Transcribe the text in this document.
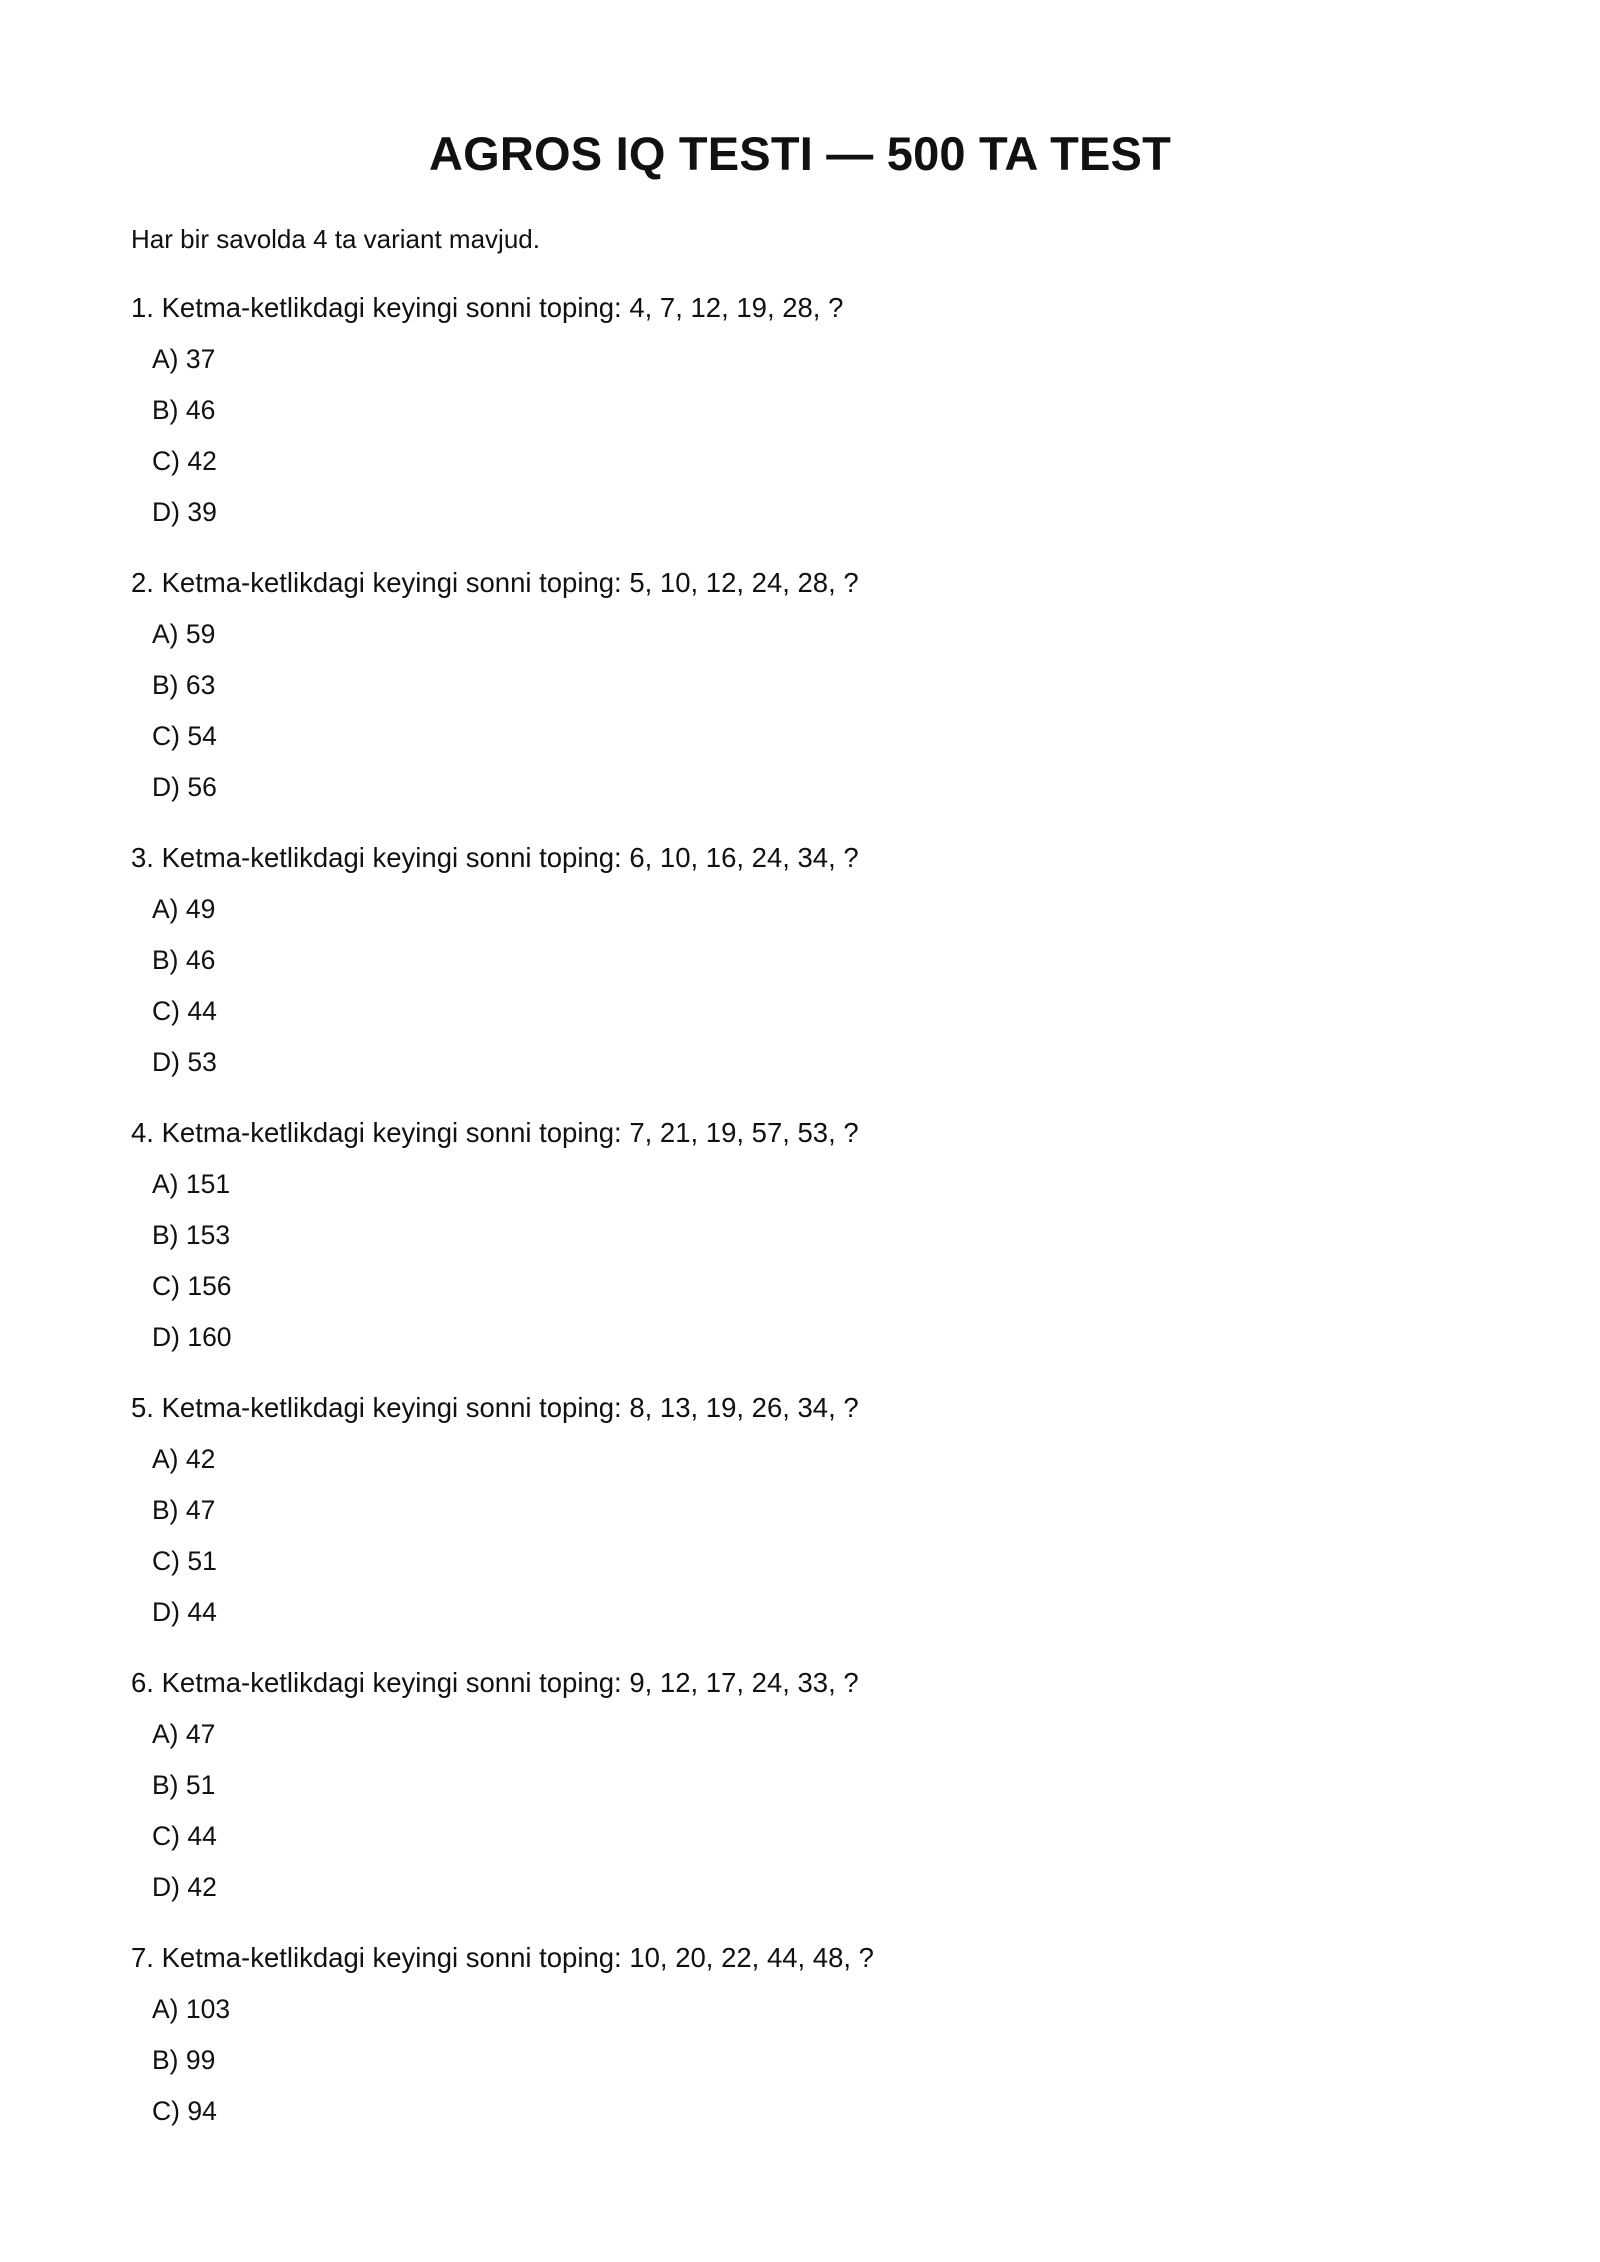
AGROS IQ TESTI — 500 TA TEST
Har bir savolda 4 ta variant mavjud.
1. Ketma-ketlikdagi keyingi sonni toping: 4, 7, 12, 19, 28, ?
A) 37
B) 46
C) 42
D) 39
2. Ketma-ketlikdagi keyingi sonni toping: 5, 10, 12, 24, 28, ?
A) 59
B) 63
C) 54
D) 56
3. Ketma-ketlikdagi keyingi sonni toping: 6, 10, 16, 24, 34, ?
A) 49
B) 46
C) 44
D) 53
4. Ketma-ketlikdagi keyingi sonni toping: 7, 21, 19, 57, 53, ?
A) 151
B) 153
C) 156
D) 160
5. Ketma-ketlikdagi keyingi sonni toping: 8, 13, 19, 26, 34, ?
A) 42
B) 47
C) 51
D) 44
6. Ketma-ketlikdagi keyingi sonni toping: 9, 12, 17, 24, 33, ?
A) 47
B) 51
C) 44
D) 42
7. Ketma-ketlikdagi keyingi sonni toping: 10, 20, 22, 44, 48, ?
A) 103
B) 99
C) 94
